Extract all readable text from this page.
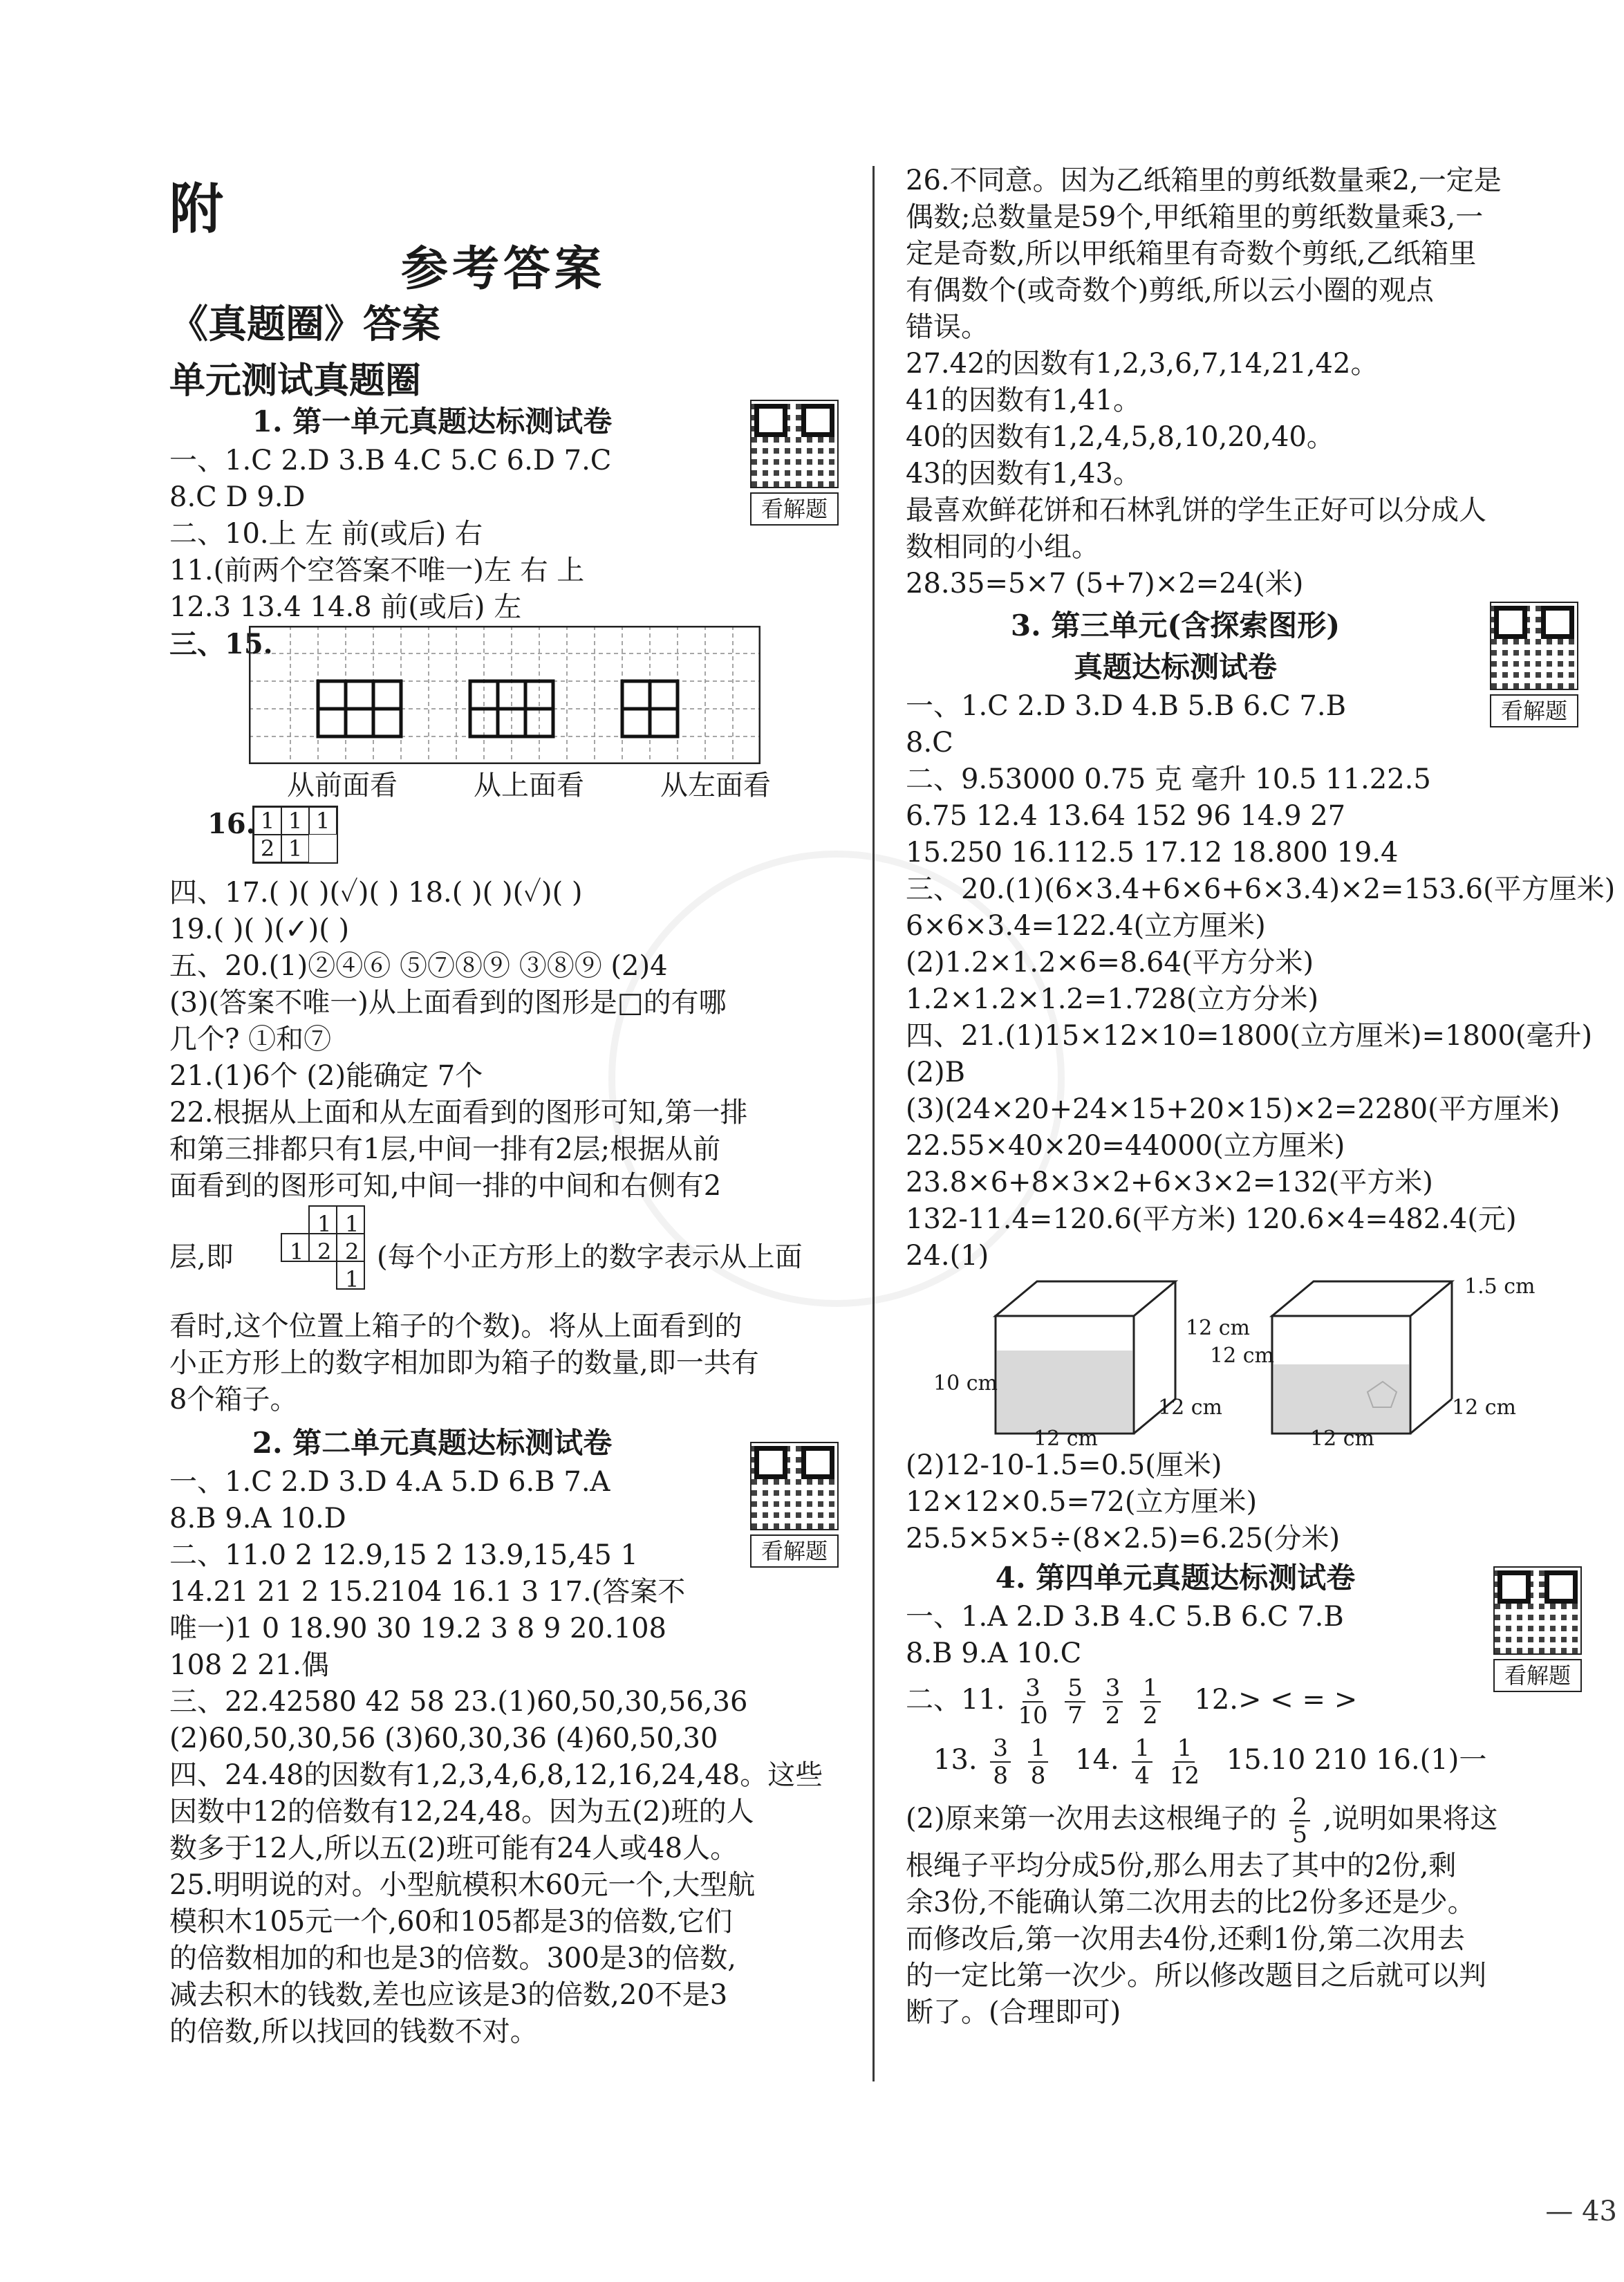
附
参考答案
《真题圈》答案
单元测试真题圈
1. 第一单元真题达标测试卷
一、1.C 2.D 3.B 4.C 5.C 6.D 7.C
8.C D 9.D
二、10.上 左 前(或后) 右
11.(前两个空答案不唯一)左 右 上
12.3 13.4 14.8 前(或后) 左
三、15.
从前面看	从上面看	从左面看
16. 1 1 1
2 1
四、17.( )( )(✓)( ) 18.( )( )(✓)( )
19.( )( )(✓)( )
五、20.(1)②④⑥ ⑤⑦⑧⑨ ③⑧⑨ (2)4
(3)(答案不唯一)从上面看到的图形是□的有哪
几个? ①和⑦
21.(1)6个 (2)能确定 7个
22.根据从上面和从左面看到的图形可知,第一排
和第三排都只有1层,中间一排有2层;根据从前
面看到的图形可知,中间一排的中间和右侧有2
层,即
1 1
1 2 2
1
(每个小正方形上的数字表示从上面
看时,这个位置上箱子的个数)。将从上面看到的
小正方形上的数字相加即为箱子的数量,即一共有
8个箱子。
2. 第二单元真题达标测试卷
一、1.C 2.D 3.D 4.A 5.D 6.B 7.A
8.B 9.A 10.D
二、11.0 2 12.9,15 2 13.9,15,45 1
14.21 21 2 15.2104 16.1 3 17.(答案不
唯一)1 0 18.90 30 19.2 3 8 9 20.108
108 2 21.偶
三、22.42580 42 58 23.(1)60,50,30,56,36
(2)60,50,30,56 (3)60,30,36 (4)60,50,30
四、24.48的因数有1,2,3,4,6,8,12,16,24,48。这些
因数中12的倍数有12,24,48。因为五(2)班的人
数多于12人,所以五(2)班可能有24人或48人。
25.明明说的对。小型航模积木60元一个,大型航
模积木105元一个,60和105都是3的倍数,它们
的倍数相加的和也是3的倍数。300是3的倍数,
减去积木的钱数,差也应该是3的倍数,20不是3
的倍数,所以找回的钱数不对。
看解题
看解题
看解题
看解题
26.不同意。因为乙纸箱里的剪纸数量乘2,一定是
偶数;总数量是59个,甲纸箱里的剪纸数量乘3,一
定是奇数,所以甲纸箱里有奇数个剪纸,乙纸箱里
有偶数个(或奇数个)剪纸,所以云小圈的观点
错误。
27.42的因数有1,2,3,6,7,14,21,42。
41的因数有1,41。
40的因数有1,2,4,5,8,10,20,40。
43的因数有1,43。
最喜欢鲜花饼和石林乳饼的学生正好可以分成人
数相同的小组。
28.35=5×7 (5+7)×2=24(米)
3. 第三单元(含探索图形)
真题达标测试卷
一、1.C 2.D 3.D 4.B 5.B 6.C 7.B
8.C
二、9.53000 0.75 克 毫升 10.5 11.22.5
6.75 12.4 13.64 152 96 14.9 27
15.250 16.112.5 17.12 18.800 19.4
三、20.(1)(6×3.4+6×6+6×3.4)×2=153.6(平方厘米)
6×6×3.4=122.4(立方厘米)
(2)1.2×1.2×6=8.64(平方分米)
1.2×1.2×1.2=1.728(立方分米)
四、21.(1)15×12×10=1800(立方厘米)=1800(毫升)
(2)B
(3)(24×20+24×15+20×15)×2=2280(平方厘米)
22.55×40×20=44000(立方厘米)
23.8×6+8×3×2+6×3×2=132(平方米)
132-11.4=120.6(平方米) 120.6×4=482.4(元)
24.(1)
12 cm
10 cm
12 cm
12 cm
1.5 cm
12 cm
12 cm
12 cm
(2)12-10-1.5=0.5(厘米)
12×12×0.5=72(立方厘米)
25.5×5×5÷(8×2.5)=6.25(分米)
4. 第四单元真题达标测试卷
一、1.A 2.D 3.B 4.C 5.B 6.C 7.B
8.B 9.A 10.C
二、11. $\frac{3}{10}$
$\frac{5}{7}$
$\frac{3}{2}$
$\frac{1}{2} 12.>$ < = >
13. $\frac{3}{8}$
$\frac{1}{8} 14$. $\frac{1}{4}$
$\frac{1}{12} 15.10$ 210 16.(1)一
(2)原来第一次用去这根绳子的 $\frac{2}{5}$ ,说明如果将这
根绳子平均分成5份,那么用去了其中的2份,剩
余3份,不能确认第二次用去的比2份多还是少。
而修改后,第一次用去4份,还剩1份,第二次用去
的一定比第一次少。所以修改题目之后就可以判
断了。(合理即可)
— 43
